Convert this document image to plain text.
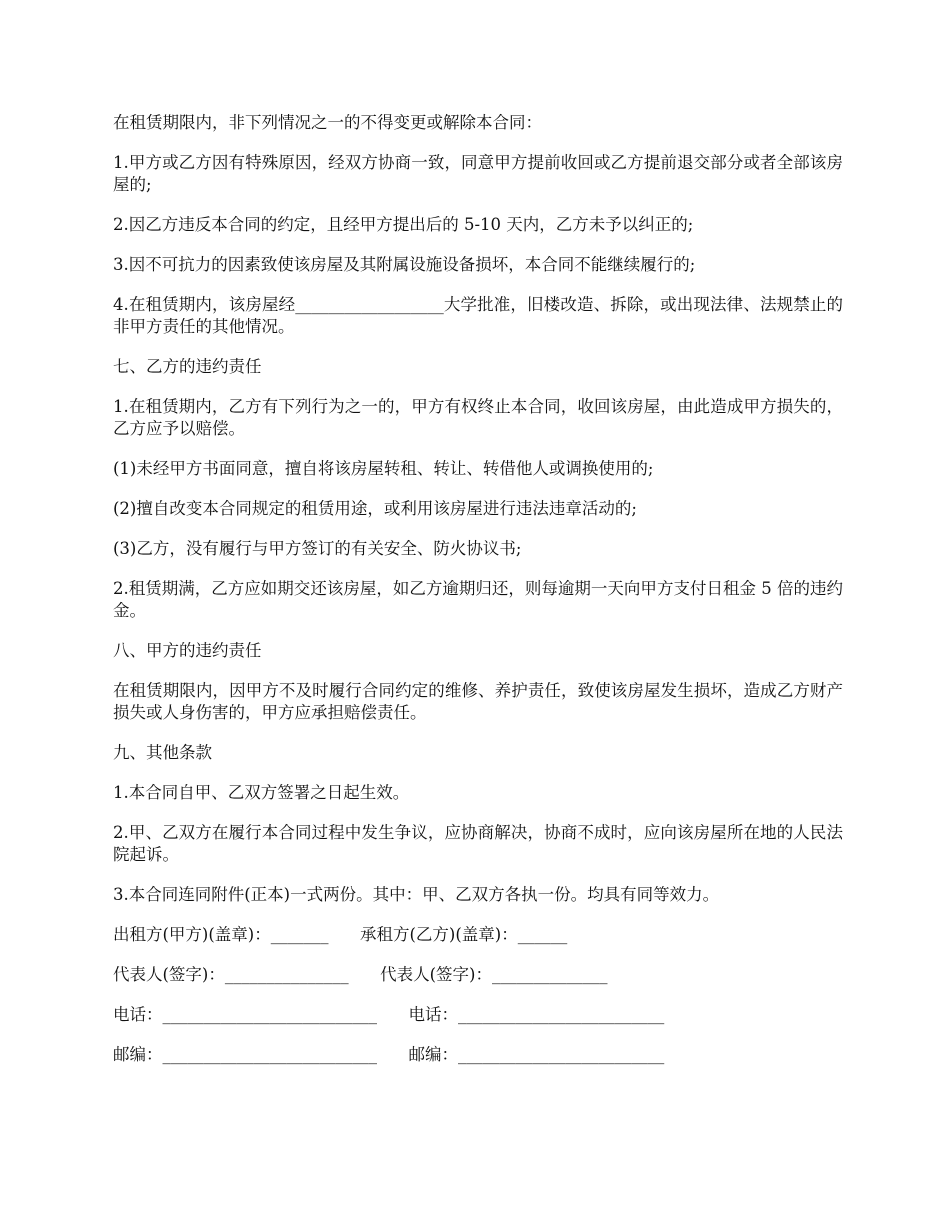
在租赁期限内，非下列情况之一的不得变更或解除本合同：

1.甲方或乙方因有特殊原因，经双方协商一致，同意甲方提前收回或乙方提前退交部分或者全部该房屋的;

2.因乙方违反本合同的约定，且经甲方提出后的 5-10 天内，乙方未予以纠正的;

3.因不可抗力的因素致使该房屋及其附属设施设备损坏，本合同不能继续履行的;

4.在租赁期内，该房屋经__________________大学批准，旧楼改造、拆除，或出现法律、法规禁止的非甲方责任的其他情况。

七、乙方的违约责任

1.在租赁期内，乙方有下列行为之一的，甲方有权终止本合同，收回该房屋，由此造成甲方损失的，乙方应予以赔偿。

(1)未经甲方书面同意，擅自将该房屋转租、转让、转借他人或调换使用的;

(2)擅自改变本合同规定的租赁用途，或利用该房屋进行违法违章活动的;

(3)乙方，没有履行与甲方签订的有关安全、防火协议书;

2.租赁期满，乙方应如期交还该房屋，如乙方逾期归还，则每逾期一天向甲方支付日租金 5 倍的违约金。

八、甲方的违约责任

在租赁期限内，因甲方不及时履行合同约定的维修、养护责任，致使该房屋发生损坏，造成乙方财产损失或人身伤害的，甲方应承担赔偿责任。

九、其他条款

1.本合同自甲、乙双方签署之日起生效。

2.甲、乙双方在履行本合同过程中发生争议，应协商解决，协商不成时，应向该房屋所在地的人民法院起诉。

3.本合同连同附件(正本)一式两份。其中：甲、乙双方各执一份。均具有同等效力。

出租方(甲方)(盖章)：_______ 承租方(乙方)(盖章)：______
代表人(签字)：_______________ 代表人(签字)：______________
电话：__________________________ 电话：_________________________
邮编：__________________________ 邮编：_________________________
